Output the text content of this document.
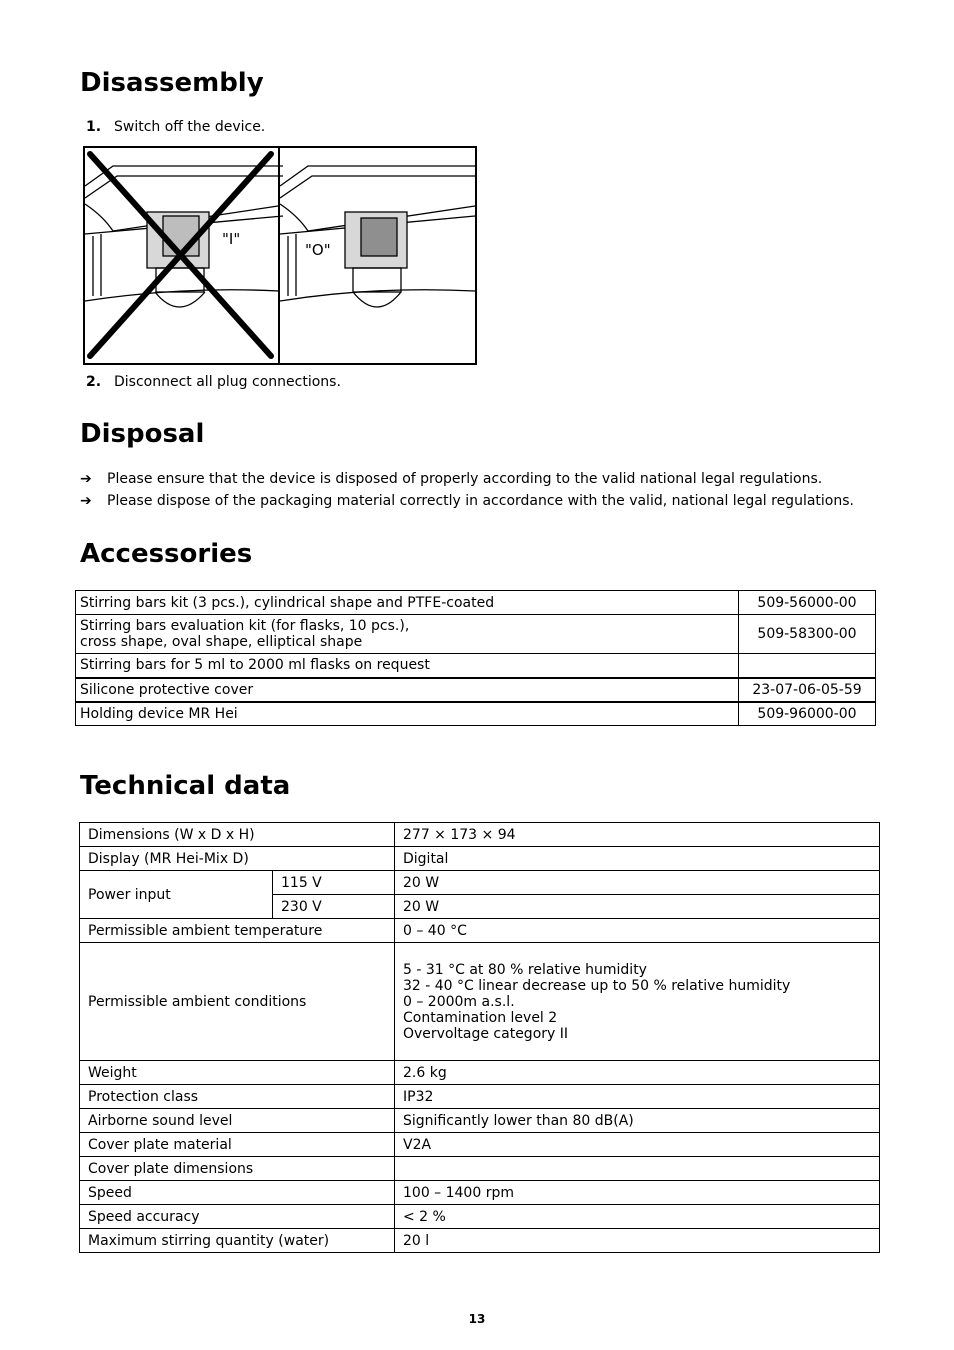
Disassembly
1. Switch off the device.
"I"
"O"
2. Disconnect all plug connections.
Disposal
➔ Please ensure that the device is disposed of properly according to the valid national legal regulations.
➔ Please dispose of the packaging material correctly in accordance with the valid, national legal regulations.
Accessories
Stirring bars kit (3 pcs.), cylindrical shape and PTFE-coated	509-56000-00

Stirring bars evaluation kit (for flasks, 10 pcs.),
cross shape, oval shape, elliptical shape	509-58300-00
Stirring bars for 5 ml to 2000 ml flasks on request	
Silicone protective cover	23-07-06-05-59
Holding device MR Hei	509-96000-00
Technical data
Dimensions (W x D x H)		277 × 173 × 94
Display (MR Hei-Mix D)		Digital
Power input	115 V	20 W
	230 V	20 W
Permissible ambient temperature		0 – 40 °C
Permissible ambient conditions		5 - 31 °C at 80 % relative humidity
32 - 40 °C linear decrease up to 50 % relative humidity
0 – 2000m a.s.l.
Contamination level 2
Overvoltage category II

Weight		2.6 kg
Protection class		IP32
Airborne sound level		Significantly lower than 80 dB(A)
Cover plate material		V2A
Cover plate dimensions		
Speed		100 – 1400 rpm
Speed accuracy		< 2 %
Maximum stirring quantity (water)		20 l
13
